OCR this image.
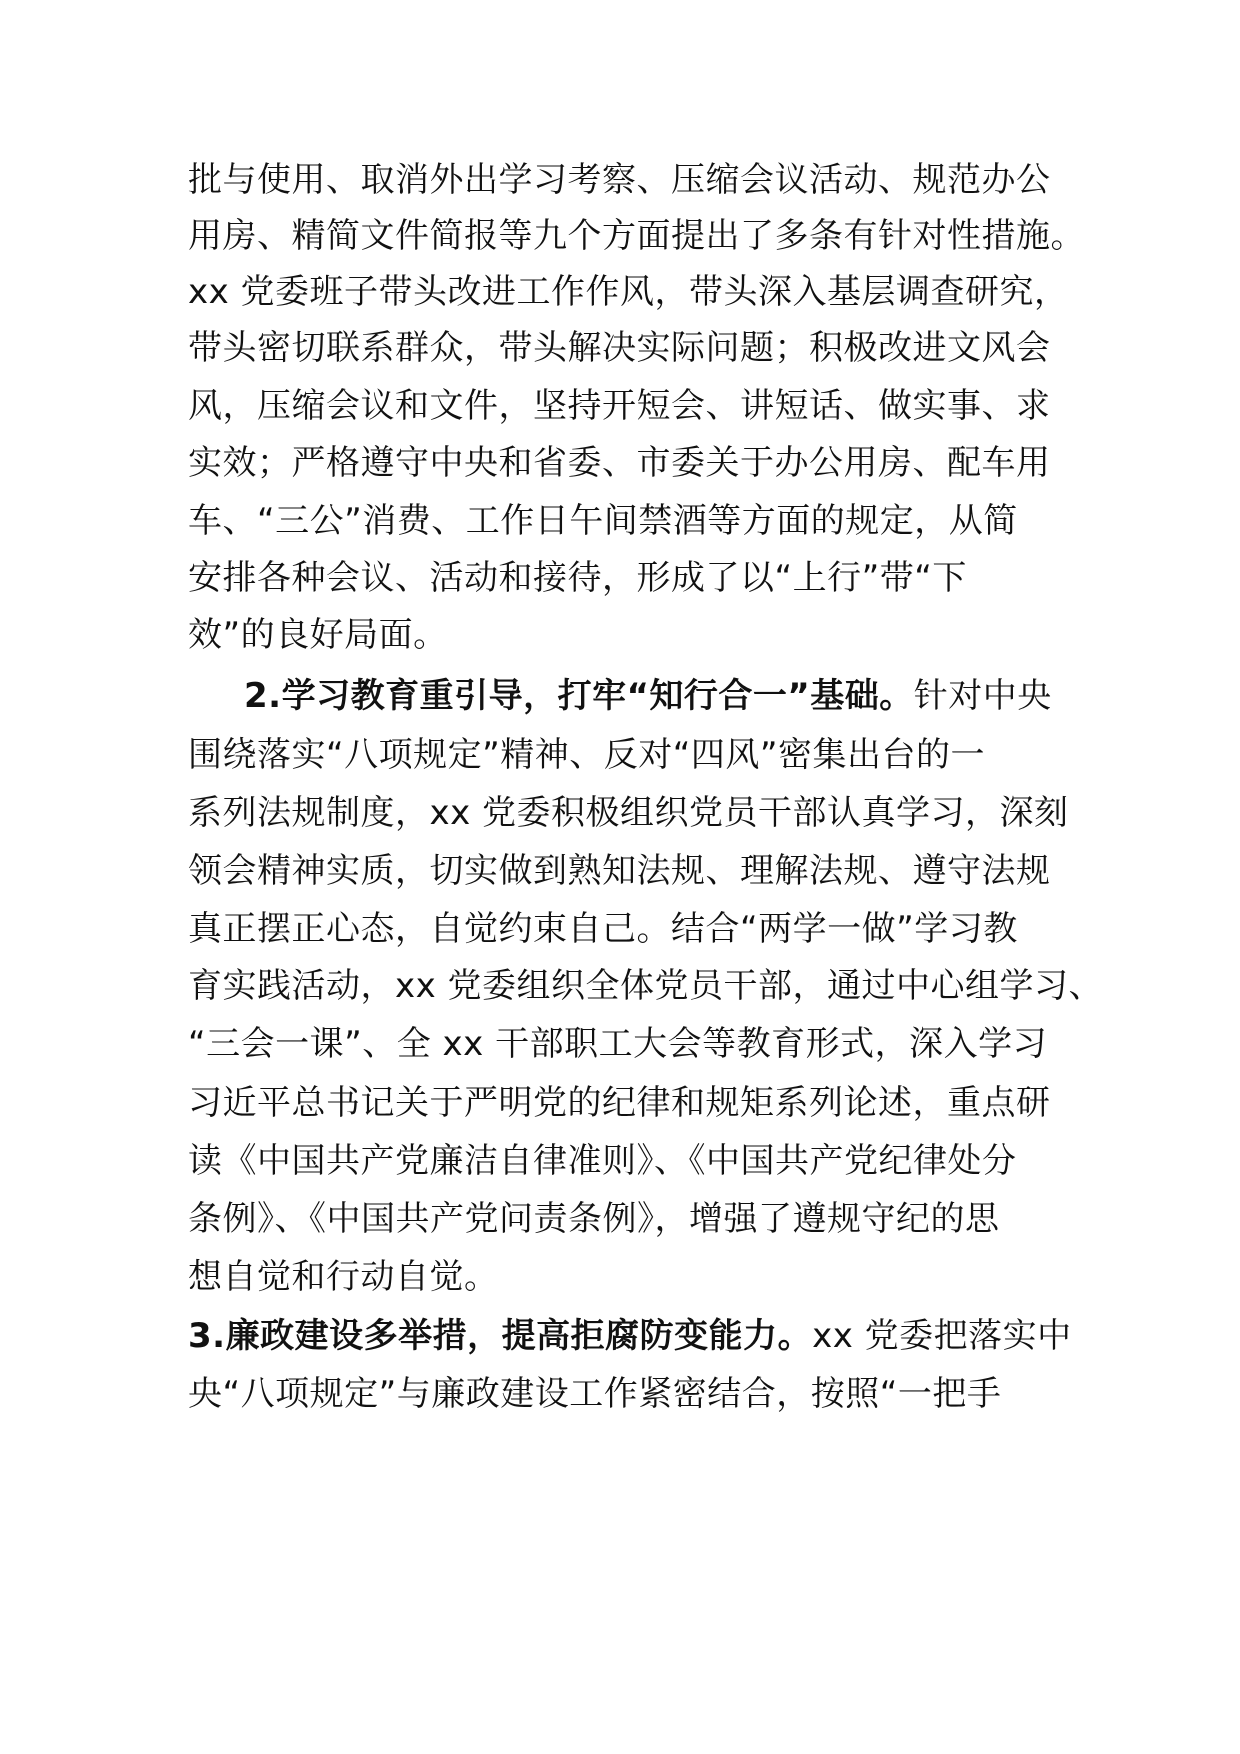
批与使用、取消外出学习考察、压缩会议活动、规范办公
用房、精简文件简报等九个方面提出了多条有针对性措施。
xx 党委班子带头改进工作作风，带头深入基层调查研究，
带头密切联系群众，带头解决实际问题；积极改进文风会
风，压缩会议和文件，坚持开短会、讲短话、做实事、求
实效；严格遵守中央和省委、市委关于办公用房、配车用
车、“三公”消费、工作日午间禁酒等方面的规定，从简
安排各种会议、活动和接待，形成了以“上行”带“下
效”的良好局面。
2.学习教育重引导，打牢“知行合一”基础。针对中央
围绕落实“八项规定”精神、反对“四风”密集出台的一
系列法规制度，xx 党委积极组织党员干部认真学习，深刻
领会精神实质，切实做到熟知法规、理解法规、遵守法规
真正摆正心态，自觉约束自己。结合“两学一做”学习教
育实践活动，xx 党委组织全体党员干部，通过中心组学习、
“三会一课”、全 xx 干部职工大会等教育形式，深入学习
习近平总书记关于严明党的纪律和规矩系列论述，重点研
读《中国共产党廉洁自律准则》、《中国共产党纪律处分
条例》、《中国共产党问责条例》，增强了遵规守纪的思
想自觉和行动自觉。
3.廉政建设多举措，提高拒腐防变能力。xx 党委把落实中
央“八项规定”与廉政建设工作紧密结合，按照“一把手
